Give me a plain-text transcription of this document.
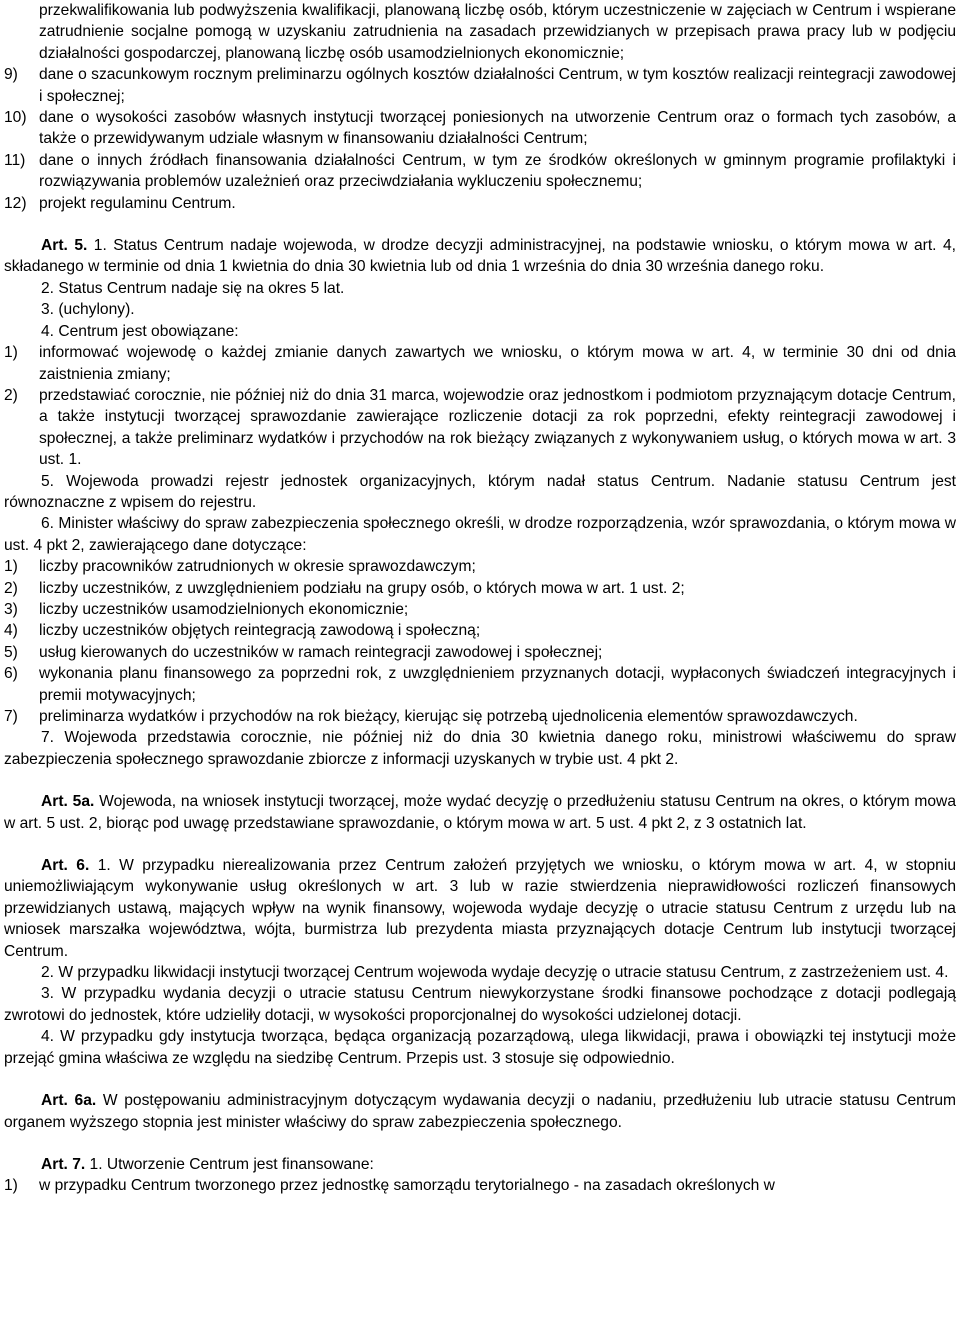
przekwalifikowania lub podwyższenia kwalifikacji, planowaną liczbę osób, którym uczestniczenie w zajęciach w Centrum i wspierane zatrudnienie socjalne pomogą w uzyskaniu zatrudnienia na zasadach przewidzianych w przepisach prawa pracy lub w podjęciu działalności gospodarczej, planowaną liczbę osób usamodzielnionych ekonomicznie;
9) dane o szacunkowym rocznym preliminarzu ogólnych kosztów działalności Centrum, w tym kosztów realizacji reintegracji zawodowej i społecznej;
10) dane o wysokości zasobów własnych instytucji tworzącej poniesionych na utworzenie Centrum oraz o formach tych zasobów, a także o przewidywanym udziale własnym w finansowaniu działalności Centrum;
11) dane o innych źródłach finansowania działalności Centrum, w tym ze środków określonych w gminnym programie profilaktyki i rozwiązywania problemów uzależnień oraz przeciwdziałania wykluczeniu społecznemu;
12) projekt regulaminu Centrum.
Art. 5. 1. Status Centrum nadaje wojewoda, w drodze decyzji administracyjnej, na podstawie wniosku, o którym mowa w art. 4, składanego w terminie od dnia 1 kwietnia do dnia 30 kwietnia lub od dnia 1 września do dnia 30 września danego roku.
2. Status Centrum nadaje się na okres 5 lat.
3. (uchylony).
4. Centrum jest obowiązane:
1) informować wojewodę o każdej zmianie danych zawartych we wniosku, o którym mowa w art. 4, w terminie 30 dni od dnia zaistnienia zmiany;
2) przedstawiać corocznie, nie później niż do dnia 31 marca, wojewodzie oraz jednostkom i podmiotom przyznającym dotacje Centrum, a także instytucji tworzącej sprawozdanie zawierające rozliczenie dotacji za rok poprzedni, efekty reintegracji zawodowej i społecznej, a także preliminarz wydatków i przychodów na rok bieżący związanych z wykonywaniem usług, o których mowa w art. 3 ust. 1.
5. Wojewoda prowadzi rejestr jednostek organizacyjnych, którym nadał status Centrum. Nadanie statusu Centrum jest równoznaczne z wpisem do rejestru.
6. Minister właściwy do spraw zabezpieczenia społecznego określi, w drodze rozporządzenia, wzór sprawozdania, o którym mowa w ust. 4 pkt 2, zawierającego dane dotyczące:
1) liczby pracowników zatrudnionych w okresie sprawozdawczym;
2) liczby uczestników, z uwzględnieniem podziału na grupy osób, o których mowa w art. 1 ust. 2;
3) liczby uczestników usamodzielnionych ekonomicznie;
4) liczby uczestników objętych reintegracją zawodową i społeczną;
5) usług kierowanych do uczestników w ramach reintegracji zawodowej i społecznej;
6) wykonania planu finansowego za poprzedni rok, z uwzględnieniem przyznanych dotacji, wypłaconych świadczeń integracyjnych i premii motywacyjnych;
7) preliminarza wydatków i przychodów na rok bieżący, kierując się potrzebą ujednolicenia elementów sprawozdawczych.
7. Wojewoda przedstawia corocznie, nie później niż do dnia 30 kwietnia danego roku, ministrowi właściwemu do spraw zabezpieczenia społecznego sprawozdanie zbiorcze z informacji uzyskanych w trybie ust. 4 pkt 2.
Art. 5a. Wojewoda, na wniosek instytucji tworzącej, może wydać decyzję o przedłużeniu statusu Centrum na okres, o którym mowa w art. 5 ust. 2, biorąc pod uwagę przedstawiane sprawozdanie, o którym mowa w art. 5 ust. 4 pkt 2, z 3 ostatnich lat.
Art. 6. 1. W przypadku nierealizowania przez Centrum założeń przyjętych we wniosku, o którym mowa w art. 4, w stopniu uniemożliwiającym wykonywanie usług określonych w art. 3 lub w razie stwierdzenia nieprawidłowości rozliczeń finansowych przewidzianych ustawą, mających wpływ na wynik finansowy, wojewoda wydaje decyzję o utracie statusu Centrum z urzędu lub na wniosek marszałka województwa, wójta, burmistrza lub prezydenta miasta przyznających dotacje Centrum lub instytucji tworzącej Centrum.
2. W przypadku likwidacji instytucji tworzącej Centrum wojewoda wydaje decyzję o utracie statusu Centrum, z zastrzeżeniem ust. 4.
3. W przypadku wydania decyzji o utracie statusu Centrum niewykorzystane środki finansowe pochodzące z dotacji podlegają zwrotowi do jednostek, które udzieliły dotacji, w wysokości proporcjonalnej do wysokości udzielonej dotacji.
4. W przypadku gdy instytucja tworząca, będąca organizacją pozarządową, ulega likwidacji, prawa i obowiązki tej instytucji może przejąć gmina właściwa ze względu na siedzibę Centrum. Przepis ust. 3 stosuje się odpowiednio.
Art. 6a. W postępowaniu administracyjnym dotyczącym wydawania decyzji o nadaniu, przedłużeniu lub utracie statusu Centrum organem wyższego stopnia jest minister właściwy do spraw zabezpieczenia społecznego.
Art. 7. 1. Utworzenie Centrum jest finansowane:
1) w przypadku Centrum tworzonego przez jednostkę samorządu terytorialnego - na zasadach określonych w
